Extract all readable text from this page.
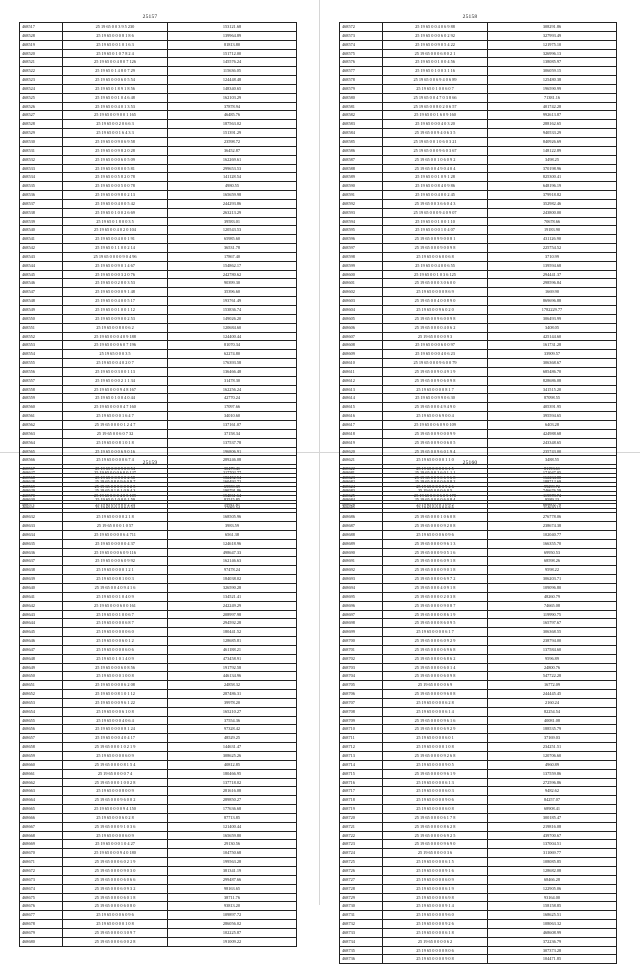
25157
468517	25 19 65 0 0 3 9 5 230	153121.68
468528	25 19 65 0 0 0 8 1 8 6	139964.89
468519	25 19 65 0 0 1 0 1 6 3	81813.80
468520	25 19 65 0 1 0 7 8 2 4	151712.00
468521	25 19 65 0 0 4 8 0 7 126	145576.24
468522	25 19 65 0 1 4 8 0 7 29	115636.05
468523	25 19 65 0 0 0 6 0 5 54	124448.48
468524	25 19 65 0 1 8 9 1 8 56	148340.65
468525	25 19 65 0 0 1 0 4 6 48	162103.29
468526	25 19 65 0 0 4 0 1 3 53	37878.94
468527	25 19 65 0 0 9 0 0 1 165	46485.76
468528	25 19 65 0 0 2 0 6 6 3	187563.02
468529	25 19 65 0 0 1 6 4 3 3	151391.29
468530	25 19 65 0 0 9 0 6 9 58	23598.72
468531	25 19 65 0 0 9 8 2 0 28	36452.87
468532	25 19 65 0 0 0 6 0 5 09	162269.61
468533	25 19 65 0 0 8 0 0 5 81	299653.53
468534	25 19 65 0 0 5 8 2 0 78	141128.54
468535	25 19 65 0 0 0 5 0 0 78	4980.55
468536	25 19 65 0 0 9 8 0 2 13	165659.98
468537	25 19 65 0 0 4 0 0 5 42	244293.86
468538	25 19 65 0 1 0 0 2 6 69	263213.29
468539	25 19 65 0 1 8 0 0 3 5	39583.01
468540	25 19 65 0 0 4 0 2 0 104	120543.53
468541	25 19 65 0 0 4 0 0 1 91	65985.60
468542	25 19 65 0 1 1 0 0 2 14	36531.78
468543	25 19 65 0 0 0 0 9 0 4 96	17867.40
468544	25 19 65 0 0 9 0 1 4 67	154862.17
468545	25 19 65 0 0 0 3 2 0 76	242780.62
468546	25 19 65 0 0 2 8 0 3 53	90399.30
468547	25 19 65 0 0 0 0 9 1 48	35396.60
468548	25 19 65 0 0 4 0 0 5 17	193761.49
468549	25 19 65 0 0 1 0 0 1 12	153836.74
468550	25 19 65 0 0 9 0 0 2 53	149026.20
468551	25 19 65 0 0 8 0 0 6 2	120684.60
468552	25 19 65 0 0 0 4 0 9 188	124400.44
468553	25 19 65 0 0 0 6 0 7 196	81070.34
468554	25 19 65 0 0 0 3 5	62274.80
468555	25 19 65 0 0 4 0 2 0 7	176393.58
468556	25 19 65 0 0 3 0 0 1 13	136466.48
468557	25 19 65 0 0 0 2 1 1 34	31478.30
468558	25 19 65 0 0 0 9 4 8 167	162256.24
468559	25 19 65 0 1 0 0 4 0 44	42770.24
468560	25 19 65 0 0 0 0 4 7 160	17097.66
468561	25 19 65 0 0 0 1 6 4 7	34010.60
468562	25 19 65 0 0 0 0 1 2 4 7	137161.07
468563	25 19 65 0 0 6 0 7 32	37158.34
468564	25 19 65 0 0 8 1 0 1 8	137537.78
468565	25 19 65 0 0 0 6 9 0 16	196806.91
468566	25 19 65 0 0 0 0 6 7 4	289246.08
468567	25 19 65 0 0 0 9 0 8 54	30479.41
468568	25 19 65 0 0 8 0 0 2 58	182452.54
468569	25 19 65 0 0 0 0 0 0 2 5	69559.39
468570	25 19 65 0 0 0 4 0 5 109	154061.64
468571	25 19 65 0 0 9 0 0 2 24	59941.61
25158
468572	25 19 65 0 0 4 0 6 9 88	308291.86
468573	25 19 65 0 0 0 6 0 2 92	327993.49
468574	25 19 65 0 0 9 0 5 4 22	121975.10
468575	25 19 65 0 0 0 6 8 0 2 1	326996.13
468576	25 19 65 0 0 1 0 0 4 56	138085.97
468577	25 19 65 0 1 0 0 3 1 16	306059.15
468578	25 19 65 0 0 6 9 4 0 6 89	125480.38
468579	25 19 65 0 1 0 0 6 0 7	196590.99
468580	25 19 65 0 0 4 7 0 3 8 66	71381.16
468581	25 19 65 0 0 8 0 2 0 6 57	401742.28
468582	25 19 65 0 0 1 6 0 9 160	992613.87
468583	25 19 65 0 0 0 4 0 3 20	288162.65
468584	25 19 65 0 0 9 4 0 6 3 5	940533.29
468585	25 19 65 0 0 1 0 6 0 3 21	840926.69
468586	25 19 65 0 0 0 9 6 0 3 67	148122.89
468587	25 19 65 0 0 1 0 6 0 9 2	3498.25
468588	25 19 65 0 0 4 9 0 4 0 4	370198.96
468589	25 19 65 0 0 1 0 9 1 28	825300.41
468590	25 19 65 0 0 8 4 0 9 86	648196.19
468591	25 19 65 0 0 4 0 0 2 45	379918.82
468592	25 19 65 0 0 3 6 6 0 4 3	352982.46
468593	25 19 65 0 0 0 9 4 0 9 07	243800.00
468594	25 19 65 0 0 1 0 0 1 10	70678.66
468595	25 19 65 0 0 0 1 0 4 07	19183.90
468596	25 19 65 0 0 9 9 0 0 8 1	431126.90
468597	25 19 65 0 0 0 9 0 0 9 8	225754.52
468598	25 19 65 0 0 6 0 0 6 8	3710.99
468599	25 19 65 0 0 4 0 0 6 55	139594.68
468600	25 19 65 0 0 1 0 3 6 125	294441.37
468601	25 19 65 0 0 0 3 0 6 0 0	298596.84
468602	25 19 65 0 0 0 0 8 6 9	1669.90
468603	25 19 65 0 0 4 0 0 8 9 0	869696.88
468604	25 19 65 0 0 9 6 0 2 0	1782229.77
468605	25 19 65 0 0 9 6 0 0 9 8	306493.99
468606	25 19 65 0 0 0 0 4 0 6 2	3408.05
468607	25 19 65 0 0 0 0 9 3	425144.60
468608	25 19 65 0 0 0 6 0 0 97	161731.28
468609	25 19 65 0 0 0 4 0 6 23	33909.57
468610	25 19 65 0 0 0 9 6 0 0 79	306368.67
468611	25 19 65 0 0 9 0 4 9 1 9	685486.70
468612	25 19 65 0 0 9 0 6 0 9 8	828686.08
468613	25 19 65 0 0 0 0 8 1 7	341515.20
468614	25 19 65 0 0 9 9 0 6 30	87098.55
468615	25 19 65 0 0 0 4 9 4 9 0	405391.95
468616	25 19 65 0 0 6 9 0 0 4	395594.65
468617	25 19 65 0 0 6 0 9 0 109	6403.28
468618	25 19 65 0 0 9 0 0 0 9 9	424988.68
468619	25 19 65 0 0 9 0 0 6 0 5	243348.65
468620	25 19 65 0 0 9 6 0 1 9 4	235743.00
468621	25 19 65 0 0 0 0 1 1 0	3488.55
468622	25 19 65 0 0 0 0 6 1 5	81193.61
468623	25 19 65 0 0 9 0 6 9 6 8	162234.88
468624	25 19 65 0 0 0 0 9 4 6	99299.72
468625	25 19 65 0 0 0 6 0 9 178	119578.74
468626	25 19 65 0 0 0 1 0 9 2	669602.78
25159
468627	25 19 65 0 0 0 6 0 0 127	217702.77
468628	25 19 65 0 0 0 9 6 0 9 7	160492.72
468629	25 19 65 0 1 0 1 0 9 4 3	190791.86
468630	25 19 65 0 1 0 0 0 1 59	82515.85
468631	25 19 65 0 0 4 0 6 0 34	27083.54
468632	25 19 65 0 0 0 0 2 1 8	168505.96
468633	25 19 65 0 0 0 1 0 57	3983.59
468634	25 19 65 0 0 0 0 6 4 711	6561.38
468635	25 19 65 0 0 0 0 0 4 37	124618.96
468636	25 19 65 0 0 0 6 0 9 116	498647.33
468637	25 19 65 0 0 0 6 0 9 92	162146.63
468638	25 19 65 0 0 0 0 1 2 1	97478.24
468639	25 19 65 0 0 8 1 0 0 3	184038.02
468640	25 19 65 0 0 4 0 9 4 1 6	326590.28
468641	25 19 65 0 0 1 0 4 0 9	134521.41
468642	25 19 65 0 0 0 6 0 0 161	242249.29
468643	25 19 65 0 0 1 0 0 6 7	208997.98
468644	25 19 65 0 0 0 0 6 8 7	294592.28
468645	25 19 65 0 0 0 0 0 6 0	180441.52
468646	25 19 65 0 0 0 6 0 1 2	128685.81
468647	25 19 65 0 0 0 0 6 0 6	461188.21
468648	25 19 65 0 1 0 1 4 0 9	473458.91
468649	25 19 65 0 0 0 6 0 8 56	191792.58
468650	25 19 65 0 0 0 1 0 0 8	446134.96
468651	25 19 65 0 0 0 0 6 2 08	24858.32
468652	25 19 65 0 0 8 1 0 1 12	287486.31
468653	25 19 65 0 0 0 9 6 1 22	39978.20
468654	25 19 65 0 0 0 6 1 0 8	165210.27
468655	25 19 65 0 0 0 4 0 6 4	37554.36
468656	25 19 65 0 0 0 0 8 1 24	97328.42
468657	25 19 65 0 0 0 4 0 4 17	48529.25
468658	25 19 65 0 0 0 1 0 2 1 9	144631.47
468659	25 19 65 0 0 0 0 6 0 9	308625.26
468660	25 19 65 0 0 0 0 8 1 5 4	40812.85
468661	25 19 65 0 0 0 0 7 4	180466.95
468662	25 19 65 0 0 0 1 0 0 2 8	137718.02
468663	25 19 65 0 0 0 8 0 0 9	281616.08
468664	25 19 65 0 0 0 9 6 0 0 2	289850.27
468665	25 19 65 0 0 0 0 9 4 150	177636.68
468666	25 19 65 0 0 0 6 0 2 8	87713.85
468667	25 19 65 0 0 0 9 1 0 3 6	121400.44
468668	25 19 65 0 0 0 0 6 0 9	165659.80
468669	25 19 65 0 0 0 1 0 4 27	29130.56
468670	25 19 65 0 0 0 9 4 0 180	104750.68
468671	25 19 65 0 0 0 6 0 2 1 9	199563.28
468672	25 19 65 0 0 0 0 9 0 3 0	381341.19
468673	25 19 65 0 0 0 0 6 0 6 6	299487.66
468674	25 19 65 0 0 0 6 0 9 3 2	98163.65
468675	25 19 65 0 0 0 0 6 0 1 8	38711.76
468676	25 19 65 0 0 0 0 6 0 8 0	93813.20
468677	25 19 65 0 0 0 6 0 9 6	109897.72
468678	25 19 65 0 0 0 0 1 0 8	286056.02
468679	25 19 65 0 0 0 0 3 0 9 7	102225.87
468680	25 19 65 0 0 0 6 0 0 2 8	191009.22
25160
468681	25 19 65 0 0 2 6 0 1 1 1	171047.05
468682	25 19 65 0 0 0 0 6 0 8 2	188712.69
468683	25 19 65 0 0 0 6 0 5	746676.59
468684	25 19 65 0 0 0 0 6 0 8 4	9589.23
468685	25 19 65 0 0 0 0 6 8 6	114620.15
468686	25 19 65 0 0 0 1 0 6 0 8	276778.06
468687	25 19 65 0 0 0 0 9 2 0 8	238674.38
468688	25 19 65 0 0 0 6 0 9 6	102040.77
468689	25 19 65 0 0 0 0 9 6 1 3	166355.70
468690	25 19 65 0 0 0 9 0 5 1 6	69950.53
468691	25 19 65 0 0 0 6 0 9 1 8	68598.26
468692	25 19 65 0 0 0 0 9 0 1 8	9598.22
468693	25 19 65 0 0 0 0 6 9 7 2	306203.71
468694	25 19 65 0 0 0 4 0 9 1 8	109096.80
468695	25 19 65 0 0 0 0 2 0 3 8	48260.79
468696	25 19 65 0 0 0 0 9 0 8 7	74665.08
468697	25 19 65 0 0 0 0 8 6 1 9	119990.75
468698	25 19 65 0 0 0 8 6 0 9 5	165797.67
468699	25 19 65 0 0 0 0 6 1 7	306368.55
468700	25 19 65 0 0 0 6 0 9 2 9	238794.00
468701	25 19 65 0 0 0 0 6 9 6 8	137584.60
468702	25 19 65 0 0 0 0 6 8 6 2	9596.89
468703	25 19 65 0 0 0 0 6 0 1 4	24800.76
468704	25 19 65 0 0 0 0 6 0 9 8	547722.28
468705	25 19 65 0 0 0 0 6 9	16772.09
468706	25 19 65 0 0 0 0 9 6 0 8	244445.45
468707	25 19 65 0 0 0 0 6 2 8	2160.24
468708	25 19 65 0 0 0 0 6 1 4	82254.54
468709	25 19 65 0 0 0 0 9 6 1 6	40081.08
468710	25 19 65 0 0 0 0 6 9 2 9	188535.79
468711	25 19 65 0 0 0 0 6 0 1	37169.03
468712	25 19 65 0 0 0 0 1 0 8	234251.51
468713	25 19 65 0 0 0 0 9 2 6 8	120706.60
468714	25 19 65 0 0 0 0 9 0 5	4960.89
468715	25 19 65 0 0 0 0 9 6 1 9	137559.86
468716	25 19 65 0 0 0 0 6 1 3	272596.86
468717	25 19 65 0 0 0 0 6 0 3	9482.62
468718	25 19 65 0 0 0 0 9 0 6	84257.07
468719	25 19 65 0 0 0 0 6 0 8	68908.41
468720	25 19 65 0 0 0 0 6 1 7 8	300185.47
468721	25 19 65 0 0 0 0 8 6 2 8	219816.08
468722	25 19 65 0 0 0 0 6 9 2 5	439700.67
468723	25 19 65 0 0 0 0 9 6 9 0	137004.51
468724	25 19 65 0 0 0 0 3 6	311069.77
468725	25 19 65 0 0 0 0 6 1 5	108085.85
468726	25 19 65 0 0 0 0 9 1 6	128682.08
468727	25 19 65 0 0 0 0 6 0 9	68466.28
468728	25 19 65 0 0 0 0 6 1 9	122905.06
468729	25 19 65 0 0 0 0 6 9 8	93164.00
468730	25 19 65 0 0 0 0 9 1 4	158158.85
468731	25 19 65 0 0 0 0 9 6 0	168625.51
468732	25 19 65 0 0 0 0 9 2 6	108063.32
468733	25 19 65 0 0 0 0 6 1 8	468608.99
468734	25 19 65 0 0 0 0 6 2	372236.79
468735	25 19 65 0 0 0 0 8 0 6	307373.28
468736	25 19 65 0 0 0 0 9 0 8	104471.85
